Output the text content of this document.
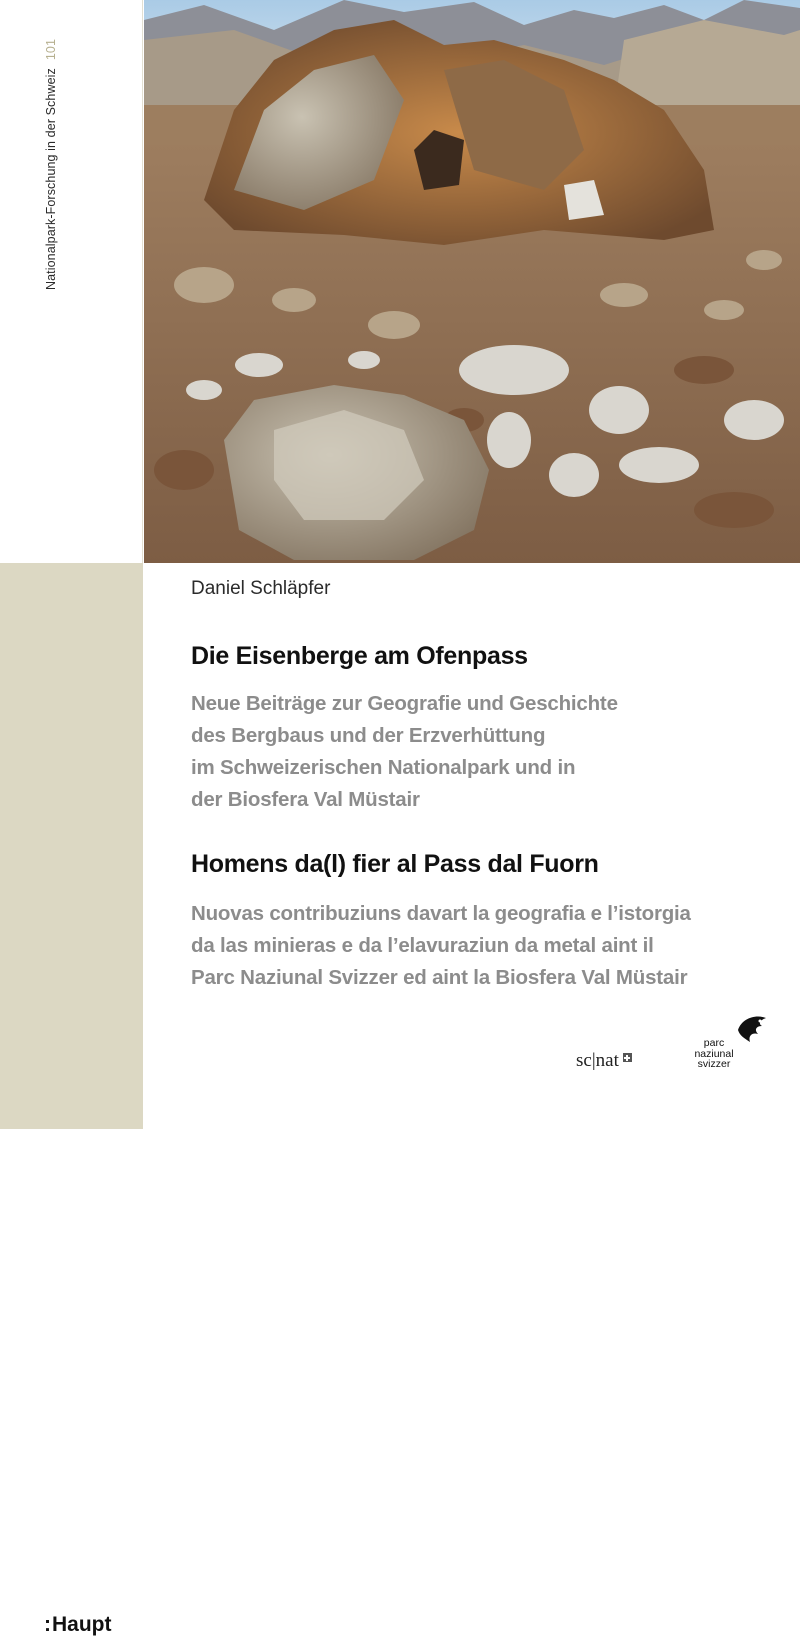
Nationalpark-Forschung in der Schweiz101
:Haupt
Daniel Schläpfer
Die Eisenberge am Ofenpass
Neue Beiträge zur Geografie und Geschichte
des Bergbaus und der Erzverhüttung
im Schweizerischen Nationalpark und in
der Biosfera Val Müstair
Homens da(l) fier al Pass dal Fuorn
Nuovas contribuziuns davart la geografia e l’istorgia
da las minieras e da l’elavuraziun da metal aint il
Parc Naziunal Svizzer ed aint la Biosfera Val Müstair
sc|nat
parc
naziunal
svizzer
